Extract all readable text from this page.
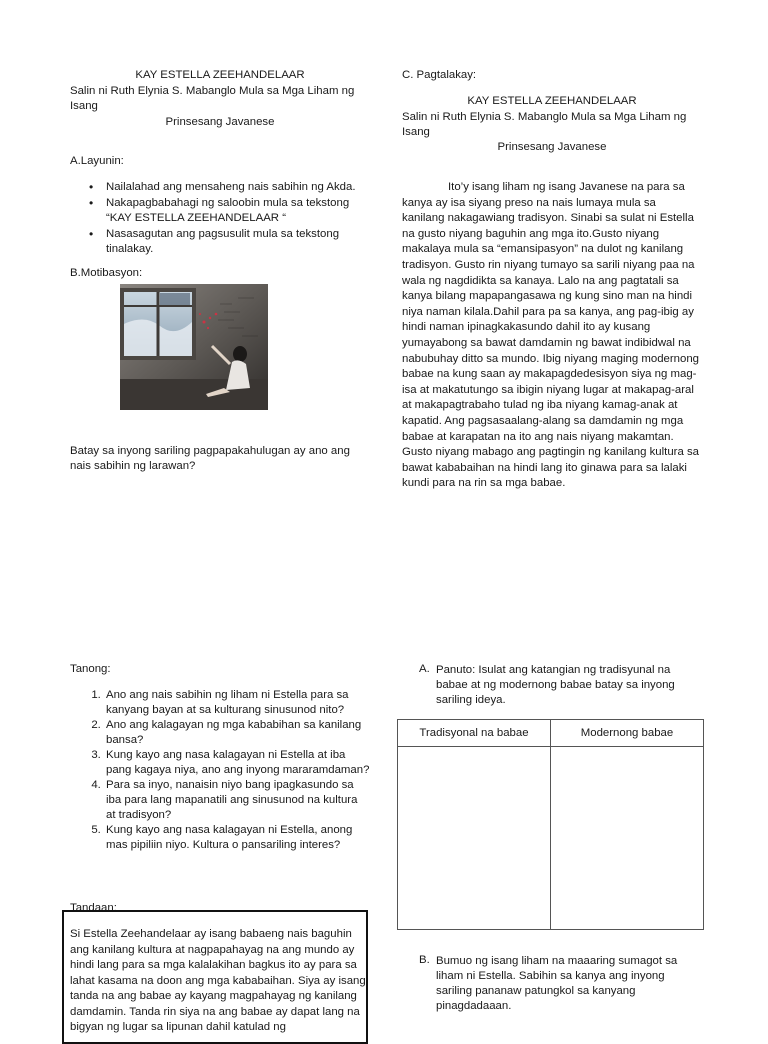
KAY ESTELLA ZEEHANDELAAR
Salin ni Ruth Elynia S. Mabanglo Mula sa Mga Liham ng Isang
Prinsesang Javanese
A.Layunin:
• Nailalahad ang mensaheng nais sabihin ng Akda.
• Nakapagbabahagi ng saloobin mula sa tekstong “KAY ESTELLA ZEEHANDELAAR “
• Nasasagutan ang pagsusulit mula sa tekstong tinalakay.
B.Motibasyon:
Batay sa inyong sariling pagpapakahulugan ay ano ang nais sabihin ng larawan?
C. Pagtalakay:
KAY ESTELLA ZEEHANDELAAR
Salin ni Ruth Elynia S. Mabanglo Mula sa Mga Liham ng Isang
Prinsesang Javanese
Ito’y isang liham ng isang Javanese na para sa kanya ay isa siyang preso na nais lumaya mula sa kanilang nakagawiang tradisyon. Sinabi sa sulat ni Estella na gusto niyang baguhin ang mga ito.Gusto niyang makalaya mula sa “emansipasyon” na dulot ng kanilang tradisyon. Gusto rin niyang tumayo sa sarili niyang paa na wala ng nagdidikta sa kanaya. Lalo na ang pagtatali sa kanya bilang mapapangasawa ng kung sino man na hindi niya naman kilala.Dahil para pa sa kanya, ang pag-ibig ay hindi naman ipinagkakasundo dahil ito ay kusang yumayabong sa bawat damdamin ng bawat indibidwal na nabubuhay ditto sa mundo. Ibig niyang maging modernong babae na kung saan ay makapagdedesisyon siya ng mag-isa at makatutungo sa ibigin niyang lugar at makapag-aral at makapagtrabaho tulad ng iba niyang kamag-anak at kapatid. Ang pagsasaalang-alang sa damdamin ng mga babae at karapatan na ito ang nais niyang makamtan. Gusto niyang mabago ang pagtingin ng kanilang kultura sa bawat kababaihan na hindi lang ito ginawa para sa lalaki kundi para na rin sa mga babae.
Tanong:
1. Ano ang nais sabihin ng liham ni Estella para sa kanyang bayan at sa kulturang sinusunod nito?
2. Ano ang kalagayan ng mga kababihan sa kanilang bansa?
3. Kung kayo ang nasa kalagayan ni Estella at iba pang kagaya niya, ano ang inyong mararamdaman?
4. Para sa inyo, nanaisin niyo bang ipagkasundo sa iba para lang mapanatili ang sinusunod na kultura at tradisyon?
5. Kung kayo ang nasa kalagayan ni Estella, anong mas pipiliin niyo. Kultura o pansariling interes?
Tandaan:
Si Estella Zeehandelaar ay isang babaeng nais baguhin ang kanilang kultura at nagpapahayag na ang mundo ay hindi lang para sa mga kalalakihan bagkus ito ay para sa lahat kasama na doon ang mga kababaihan. Siya ay isang tanda na ang babae ay kayang magpahayag ng kanilang damdamin. Tanda rin siya na ang babae ay dapat lang na bigyan ng lugar sa lipunan dahil katulad ng
A. Panuto: Isulat ang katangian ng tradisyunal na babae at ng modernong babae batay sa inyong sariling ideya.
Tradisyonal na babae	Modernong babae

B. Bumuo ng isang liham na maaaring sumagot sa liham ni Estella. Sabihin sa kanya ang inyong sariling pananaw patungkol sa kanyang pinagdadaaan.
